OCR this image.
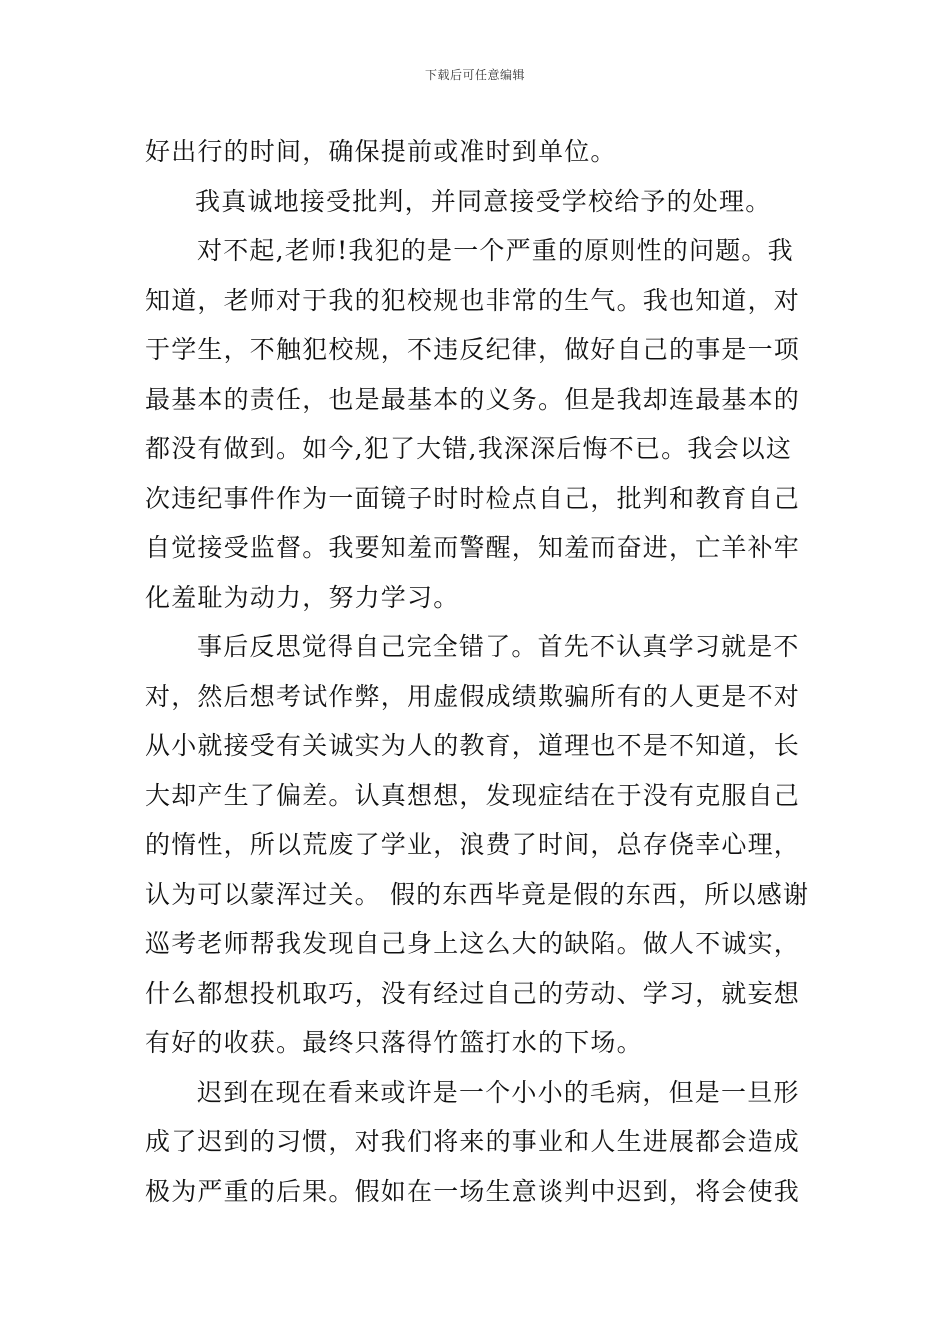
下载后可任意编辑
好出行的时间，确保提前或准时到单位。
我真诚地接受批判，并同意接受学校给予的处理。
对不起,老师!我犯的是一个严重的原则性的问题。我
知道，老师对于我的犯校规也非常的生气。我也知道，对
于学生，不触犯校规，不违反纪律，做好自己的事是一项
最基本的责任，也是最基本的义务。但是我却连最基本的
都没有做到。如今,犯了大错,我深深后悔不已。我会以这
次违纪事件作为一面镜子时时检点自己，批判和教育自己
自觉接受监督。我要知羞而警醒，知羞而奋进，亡羊补牢
化羞耻为动力，努力学习。
事后反思觉得自己完全错了。首先不认真学习就是不
对，然后想考试作弊，用虚假成绩欺骗所有的人更是不对
从小就接受有关诚实为人的教育，道理也不是不知道，长
大却产生了偏差。认真想想，发现症结在于没有克服自己
的惰性，所以荒废了学业，浪费了时间，总存侥幸心理，
认为可以蒙浑过关。 假的东西毕竟是假的东西，所以感谢
巡考老师帮我发现自己身上这么大的缺陷。做人不诚实，
什么都想投机取巧，没有经过自己的劳动、学习，就妄想
有好的收获。最终只落得竹篮打水的下场。
迟到在现在看来或许是一个小小的毛病，但是一旦形
成了迟到的习惯，对我们将来的事业和人生进展都会造成
极为严重的后果。假如在一场生意谈判中迟到，将会使我
